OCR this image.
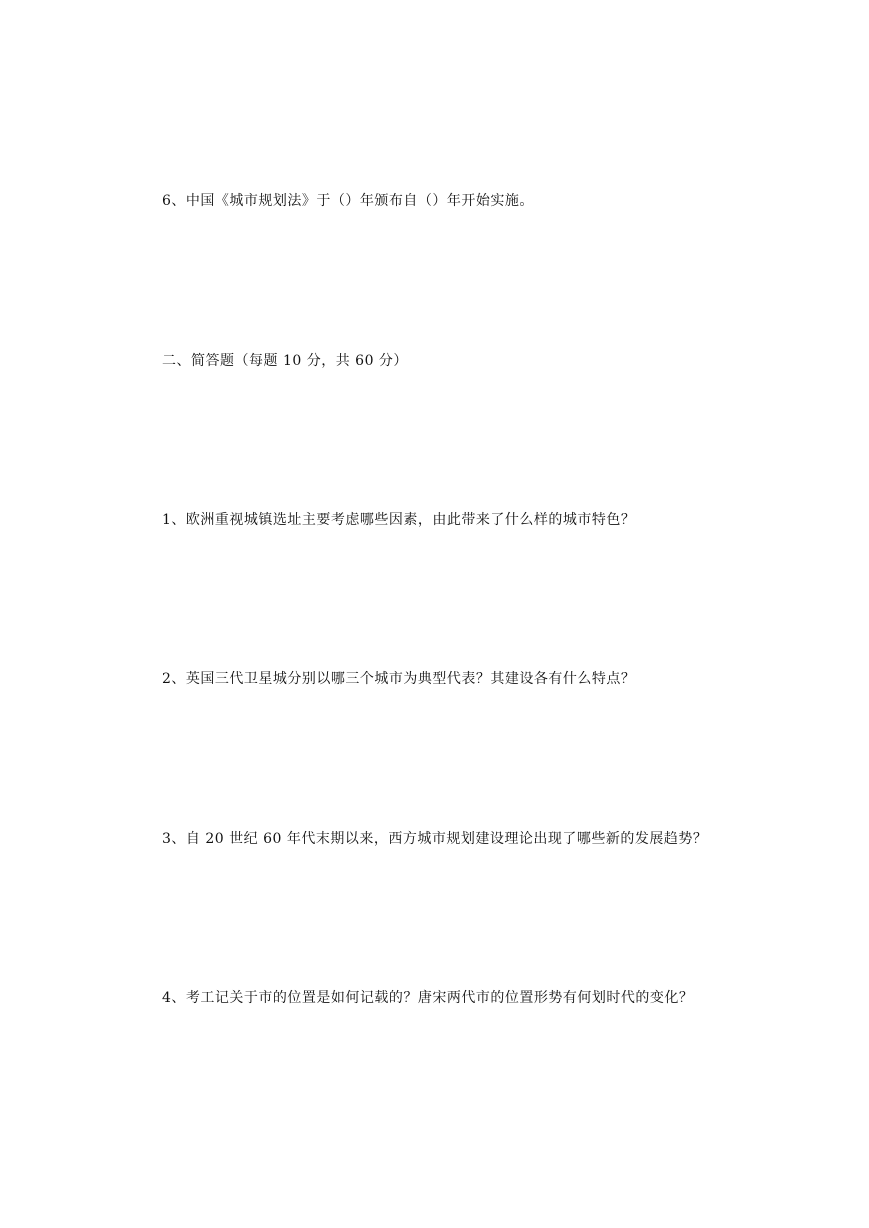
6、中国《城市规划法》于（）年颁布自（）年开始实施。
二、简答题（每题 10 分，共 60 分）
1、欧洲重视城镇选址主要考虑哪些因素，由此带来了什么样的城市特色？
2、英国三代卫星城分别以哪三个城市为典型代表？其建设各有什么特点？
3、自 20 世纪 60 年代末期以来，西方城市规划建设理论出现了哪些新的发展趋势？
4、考工记关于市的位置是如何记载的？唐宋两代市的位置形势有何划时代的变化？
